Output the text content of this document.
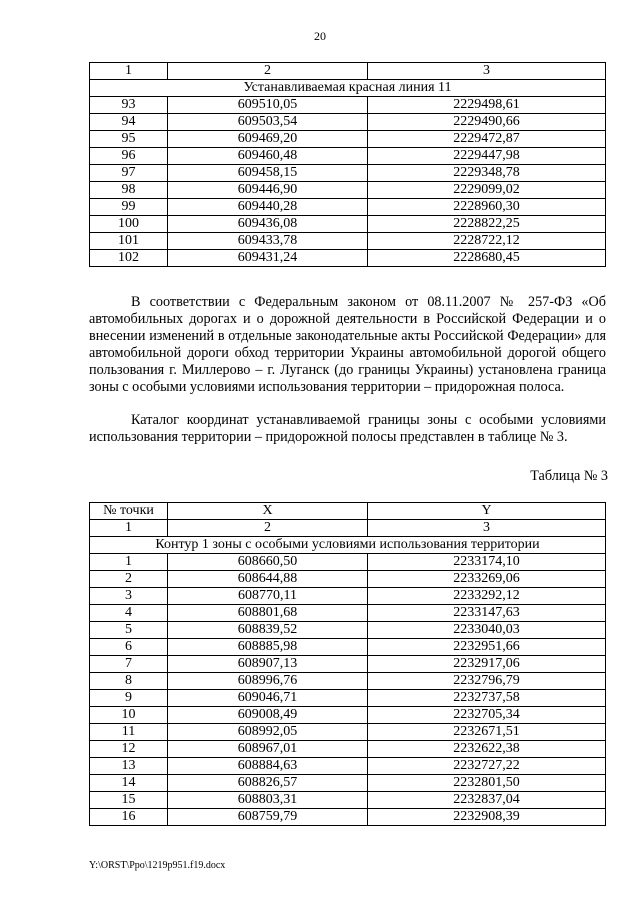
20
1	2	3
Устанавливаемая красная линия 11		
93	609510,05	2229498,61
94	609503,54	2229490,66
95	609469,20	2229472,87
96	609460,48	2229447,98
97	609458,15	2229348,78
98	609446,90	2229099,02
99	609440,28	2228960,30
100	609436,08	2228822,25
101	609433,78	2228722,12
102	609431,24	2228680,45

В соответствии с Федеральным законом от 08.11.2007 № 257-ФЗ «Об автомобильных дорогах и о дорожной деятельности в Российской Федерации и о внесении изменений в отдельные законодательные акты Российской Федерации» для автомобильной дороги обход территории Украины автомобильной дорогой общего пользования г. Миллерово – г. Луганск (до границы Украины) установлена граница зоны с особыми условиями использования территории – придорожная полоса.

Каталог координат устанавливаемой границы зоны с особыми условиями использования территории – придорожной полосы представлен в таблице № 3.

Таблица № 3
№ точки	X	Y
1	2	3
Контур 1 зоны с особыми условиями использования территории		
1	608660,50	2233174,10
2	608644,88	2233269,06
3	608770,11	2233292,12
4	608801,68	2233147,63
5	608839,52	2233040,03
6	608885,98	2232951,66
7	608907,13	2232917,06
8	608996,76	2232796,79
9	609046,71	2232737,58
10	609008,49	2232705,34
11	608992,05	2232671,51
12	608967,01	2232622,38
13	608884,63	2232727,22
14	608826,57	2232801,50
15	608803,31	2232837,04
16	608759,79	2232908,39
Y:\ORST\Ppo\1219p951.f19.docx
